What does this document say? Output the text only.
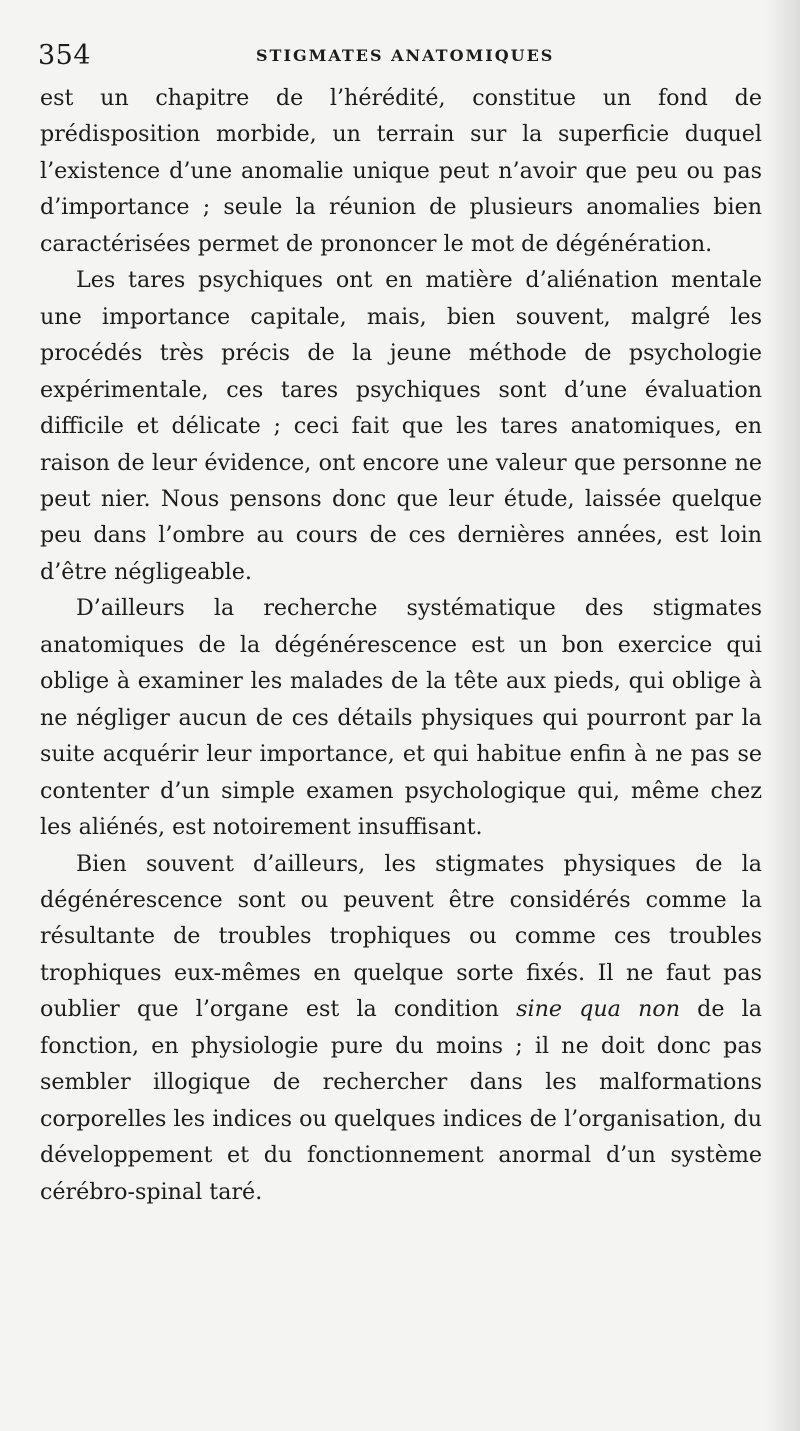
354	STIGMATES ANATOMIQUES

est un chapitre de l’hérédité, constitue un fond de prédisposition morbide, un terrain sur la superficie duquel l’existence d’une anomalie unique peut n’avoir que peu ou pas d’importance ; seule la réunion de plusieurs anomalies bien caractérisées permet de prononcer le mot de dégénération.

Les tares psychiques ont en matière d’aliénation mentale une importance capitale, mais, bien souvent, malgré les procédés très précis de la jeune méthode de psychologie expérimentale, ces tares psychiques sont d’une évaluation difficile et délicate ; ceci fait que les tares anatomiques, en raison de leur évidence, ont encore une valeur que personne ne peut nier. Nous pensons donc que leur étude, laissée quelque peu dans l’ombre au cours de ces dernières années, est loin d’être négligeable.

D’ailleurs la recherche systématique des stigmates anatomiques de la dégénérescence est un bon exercice qui oblige à examiner les malades de la tête aux pieds, qui oblige à ne négliger aucun de ces détails physiques qui pourront par la suite acquérir leur importance, et qui habitue enfin à ne pas se contenter d’un simple examen psychologique qui, même chez les aliénés, est notoirement insuffisant.

Bien souvent d’ailleurs, les stigmates physiques de la dégénérescence sont ou peuvent être considérés comme la résultante de troubles trophiques ou comme ces troubles trophiques eux-mêmes en quelque sorte fixés. Il ne faut pas oublier que l’organe est la condition sine qua non de la fonction, en physiologie pure du moins ; il ne doit donc pas sembler illogique de rechercher dans les malformations corporelles les indices ou quelques indices de l’organisation, du développement et du fonctionnement anormal d’un système cérébro-spinal taré.
